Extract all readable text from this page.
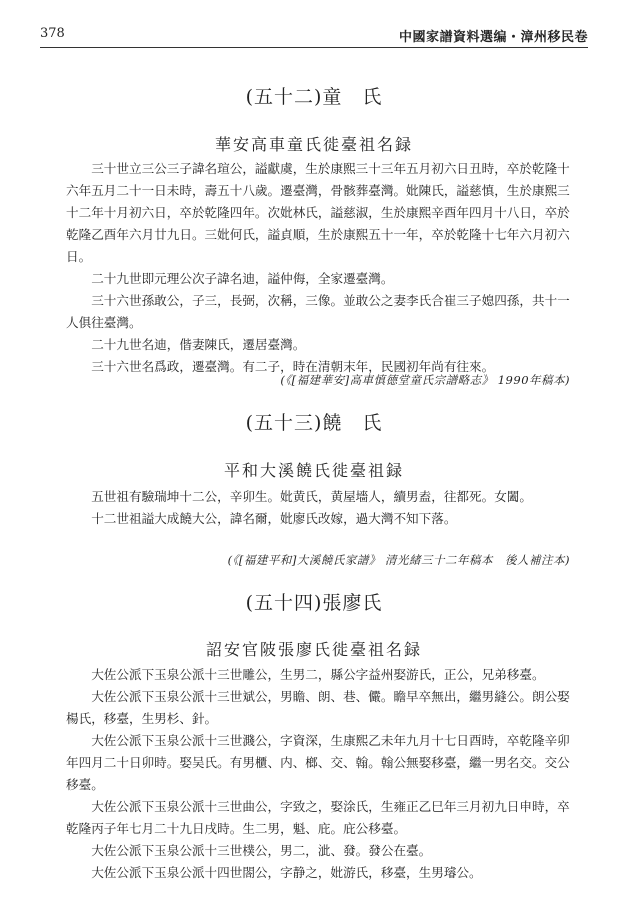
378	中國家譜資料選编・漳州移民卷
(五十二)童　氏
華安高車童氏徙臺祖名録

三十世立三公三子諱名瑄公，謚獻虞，生於康熙三十三年五月初六日丑時，卒於乾隆十六年五月二十一日未時，壽五十八歲。遷臺灣，骨骸葬臺灣。妣陳氏，謚慈慎，生於康熙三十二年十月初六日，卒於乾隆四年。次妣林氏，謚慈淑，生於康熙辛酉年四月十八日，卒於乾隆乙酉年六月廿九日。三妣何氏，謚貞順，生於康熙五十一年，卒於乾隆十七年六月初六日。

二十九世即元理公次子諱名迪，謚仲侮，全家遷臺灣。

三十六世孫敢公，子三，長弼，次稱，三像。並敢公之妻李氏合崔三子媳四孫，共十一人俱往臺灣。

二十九世名迪，偕妻陳氏，遷居臺灣。

三十六世名爲政，遷臺灣。有二子，時在清朝末年，民國初年尚有往來。

(《[福建華安]高車慎德堂童氏宗譜略志》 1990年稿本)
(五十三)饒　氏
平和大溪饒氏徙臺祖録

五世祖有驗瑞坤十二公，辛卯生。妣黄氏，黄屋墻人，續男盍，往都死。女闔。

十二世祖謚大成饒大公，諱名爾，妣廖氏改嫁，過大灣不知下落。

(《[福建平和]大溪饒氏家譜》 清光緒三十二年稿本　後人補注本)
(五十四)張廖氏
詔安官陂張廖氏徙臺祖名録

大佐公派下玉泉公派十三世雕公，生男二，縣公字益州娶游氏，正公，兄弟移臺。

大佐公派下玉泉公派十三世斌公，男瞻、朗、巷、儼。瞻早卒無出，繼男縫公。朗公娶楊氏，移臺，生男杉、針。

大佐公派下玉泉公派十三世濺公，字資深，生康熙乙未年九月十七日酉時，卒乾隆辛卯年四月二十日卯時。娶吴氏。有男櫃、内、榔、交、翰。翰公無娶移臺，繼一男名交。交公移臺。

大佐公派下玉泉公派十三世曲公，字致之，娶涂氏，生雍正乙巳年三月初九日申時，卒乾隆丙子年七月二十九日戌時。生二男，魁、庇。庇公移臺。

大佐公派下玉泉公派十三世樸公，男二，泚、發。發公在臺。

大佐公派下玉泉公派十四世閤公，字静之，妣游氏，移臺，生男璿公。
